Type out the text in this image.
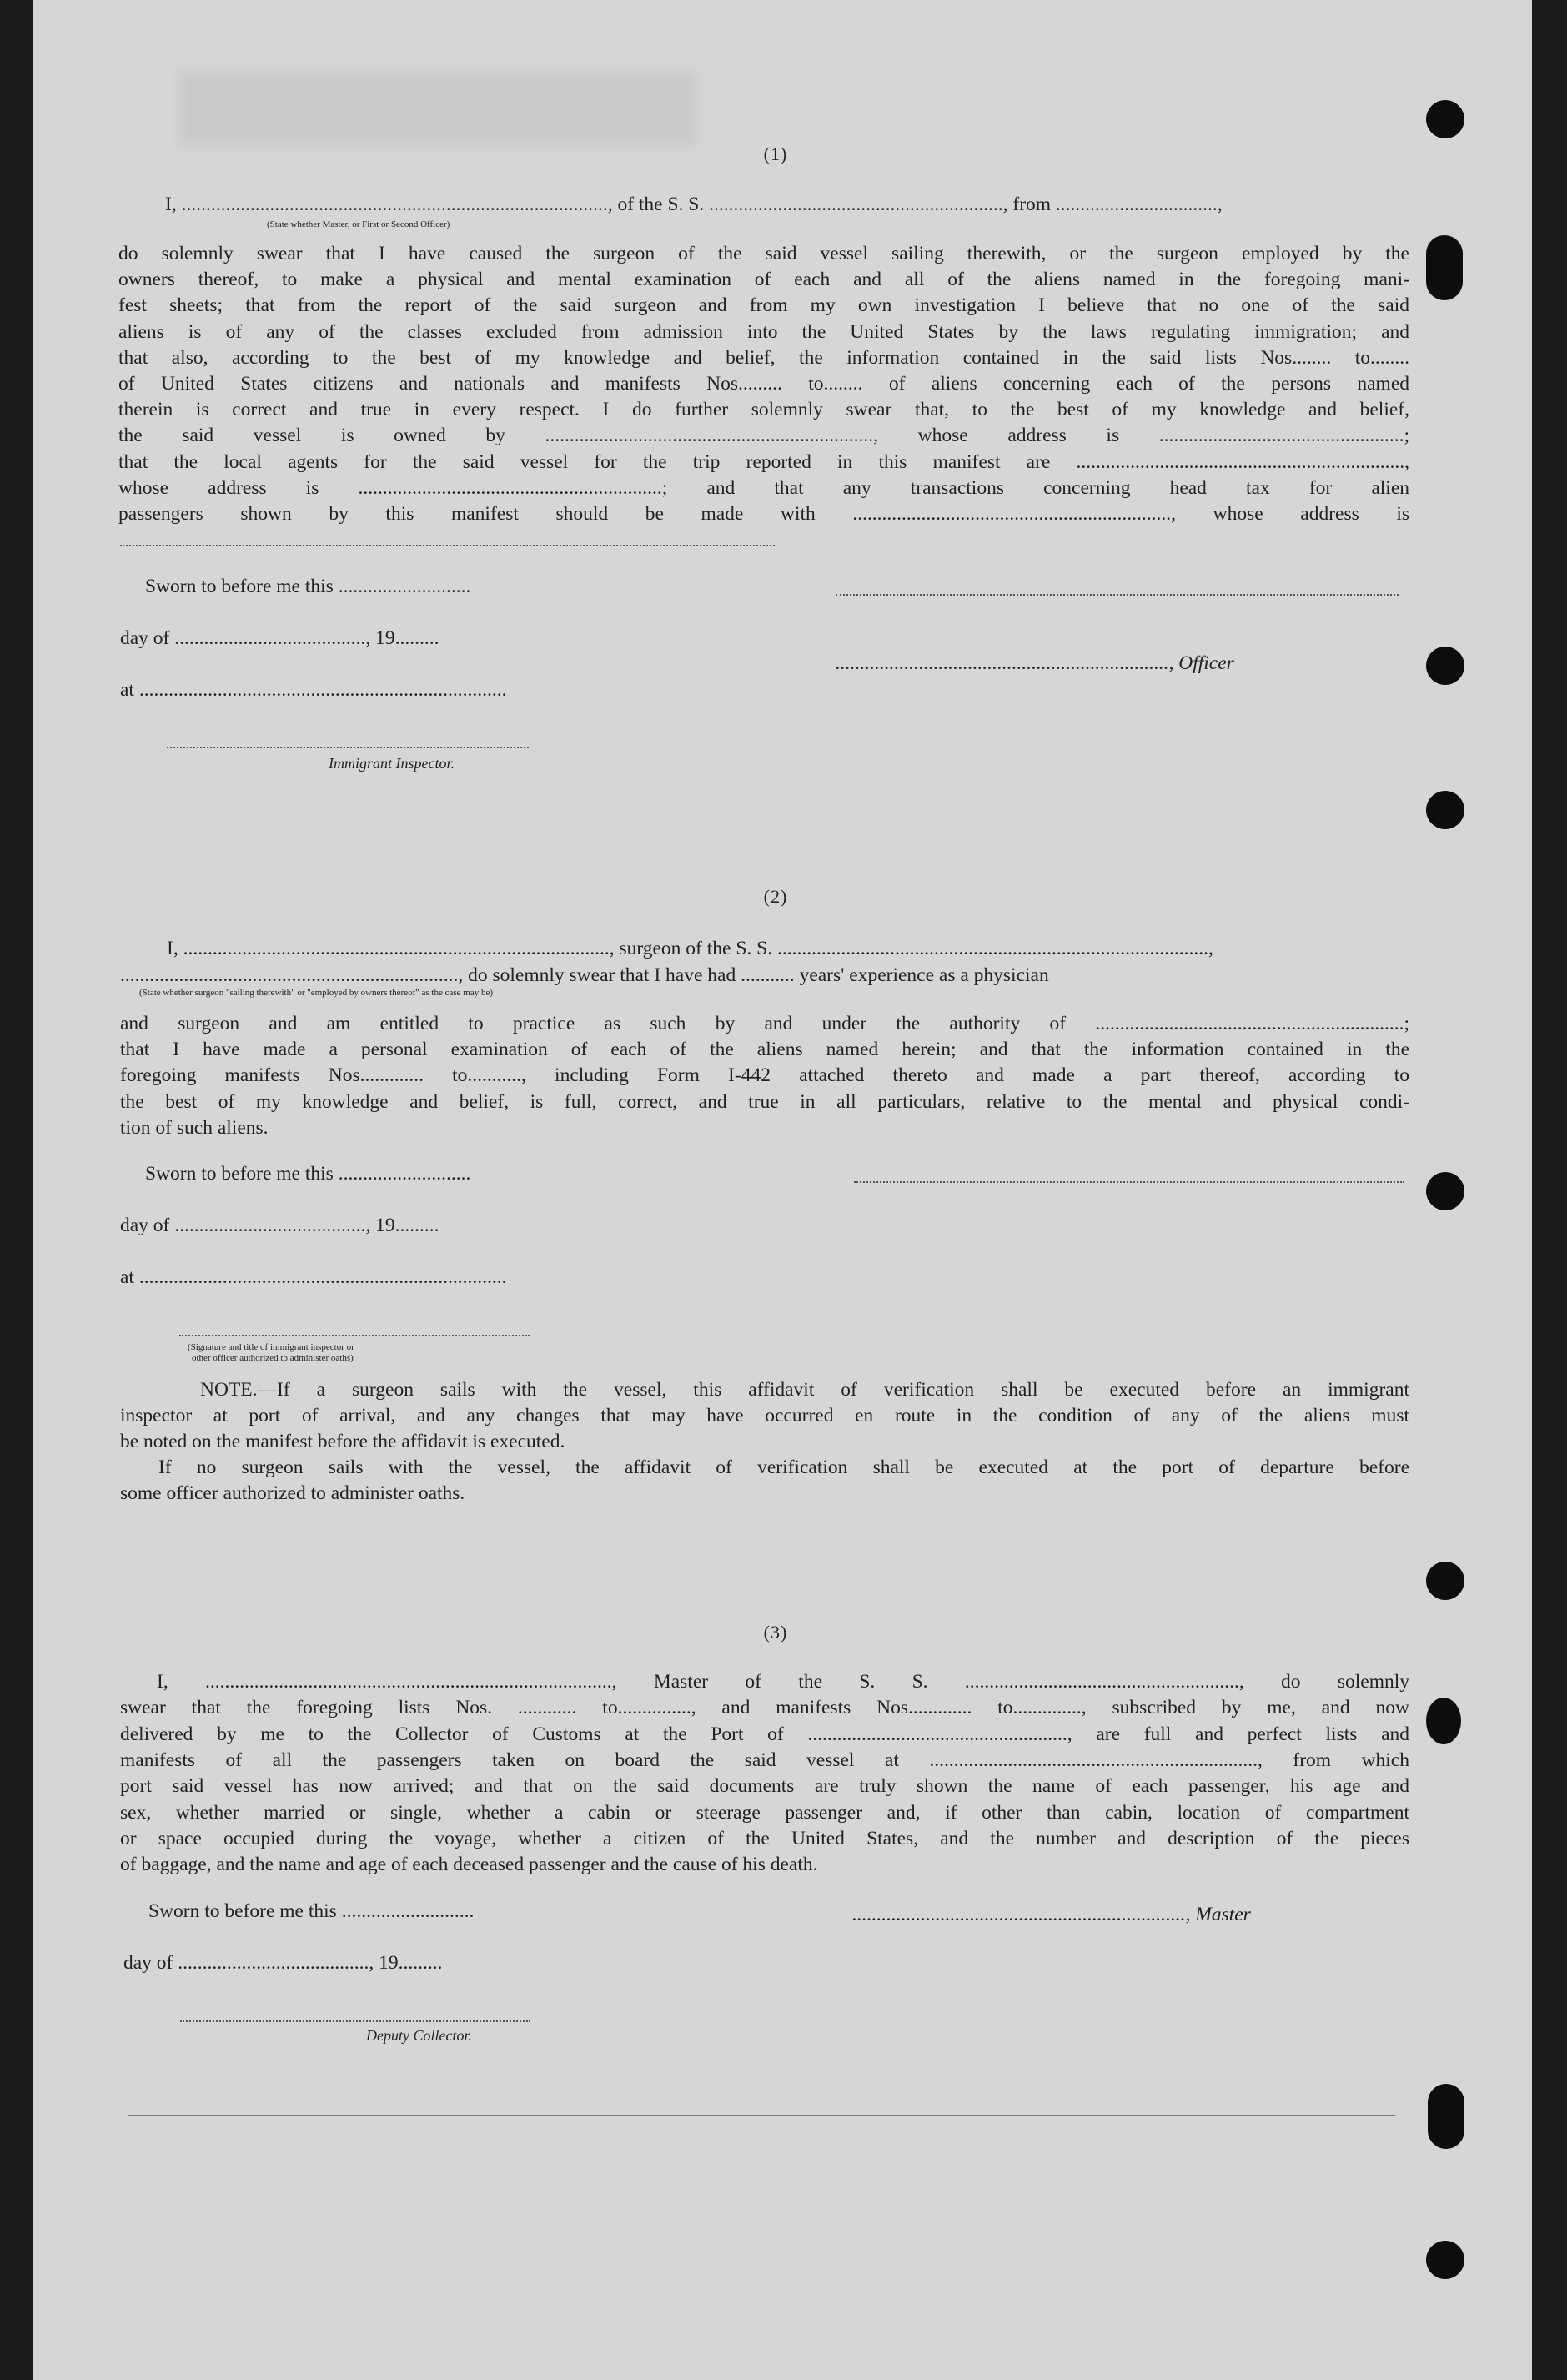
(1)
I, ......................................................................................., of the S. S. ............................................................, from .................................,
(State whether Master, or First or Second Officer)
do solemnly swear that I have caused the surgeon of the said vessel sailing therewith, or the surgeon employed by the
owners thereof, to make a physical and mental examination of each and all of the aliens named in the foregoing mani-
fest sheets; that from the report of the said surgeon and from my own investigation I believe that no one of the said
aliens is of any of the classes excluded from admission into the United States by the laws regulating immigration; and
that also, according to the best of my knowledge and belief, the information contained in the said lists Nos........ to........
of United States citizens and nationals and manifests Nos......... to........ of aliens concerning each of the persons named
therein is correct and true in every respect. I do further solemnly swear that, to the best of my knowledge and belief,
the said vessel is owned by ..................................................................., whose address is ..................................................;
that the local agents for the said vessel for the trip reported in this manifest are ...................................................................,
whose address is ..............................................................; and that any transactions concerning head tax for alien
passengers shown by this manifest should be made with ................................................................., whose address is
Sworn to before me this ...........................
day of ......................................., 19.........
...................................................................., Officer
at ...........................................................................
Immigrant Inspector.
(2)
I, ......................................................................................., surgeon of the S. S. ........................................................................................,
....................................................................., do solemnly swear that I have had ........... years' experience as a physician
(State whether surgeon "sailing therewith" or "employed by owners thereof" as the case may be)
and surgeon and am entitled to practice as such by and under the authority of ...............................................................;
that I have made a personal examination of each of the aliens named herein; and that the information contained in the
foregoing manifests Nos............. to..........., including Form I-442 attached thereto and made a part thereof, according to
the best of my knowledge and belief, is full, correct, and true in all particulars, relative to the mental and physical condi-
tion of such aliens.
Sworn to before me this ...........................
day of ......................................., 19.........
at ...........................................................................
(Signature and title of immigrant inspector or
other officer authorized to administer oaths)
NOTE.—If a surgeon sails with the vessel, this affidavit of verification shall be executed before an immigrant
inspector at port of arrival, and any changes that may have occurred en route in the condition of any of the aliens must
be noted on the manifest before the affidavit is executed.
If no surgeon sails with the vessel, the affidavit of verification shall be executed at the port of departure before
some officer authorized to administer oaths.
(3)
I, ..................................................................................., Master of the S. S. ........................................................, do solemnly
swear that the foregoing lists Nos. ............ to..............., and manifests Nos............. to.............., subscribed by me, and now
delivered by me to the Collector of Customs at the Port of ....................................................., are full and perfect lists and
manifests of all the passengers taken on board the said vessel at ..................................................................., from which
port said vessel has now arrived; and that on the said documents are truly shown the name of each passenger, his age and
sex, whether married or single, whether a cabin or steerage passenger and, if other than cabin, location of compartment
or space occupied during the voyage, whether a citizen of the United States, and the number and description of the pieces
of baggage, and the name and age of each deceased passenger and the cause of his death.
Sworn to before me this ...........................	...................................................................., Master
day of ......................................., 19.........
Deputy Collector.
